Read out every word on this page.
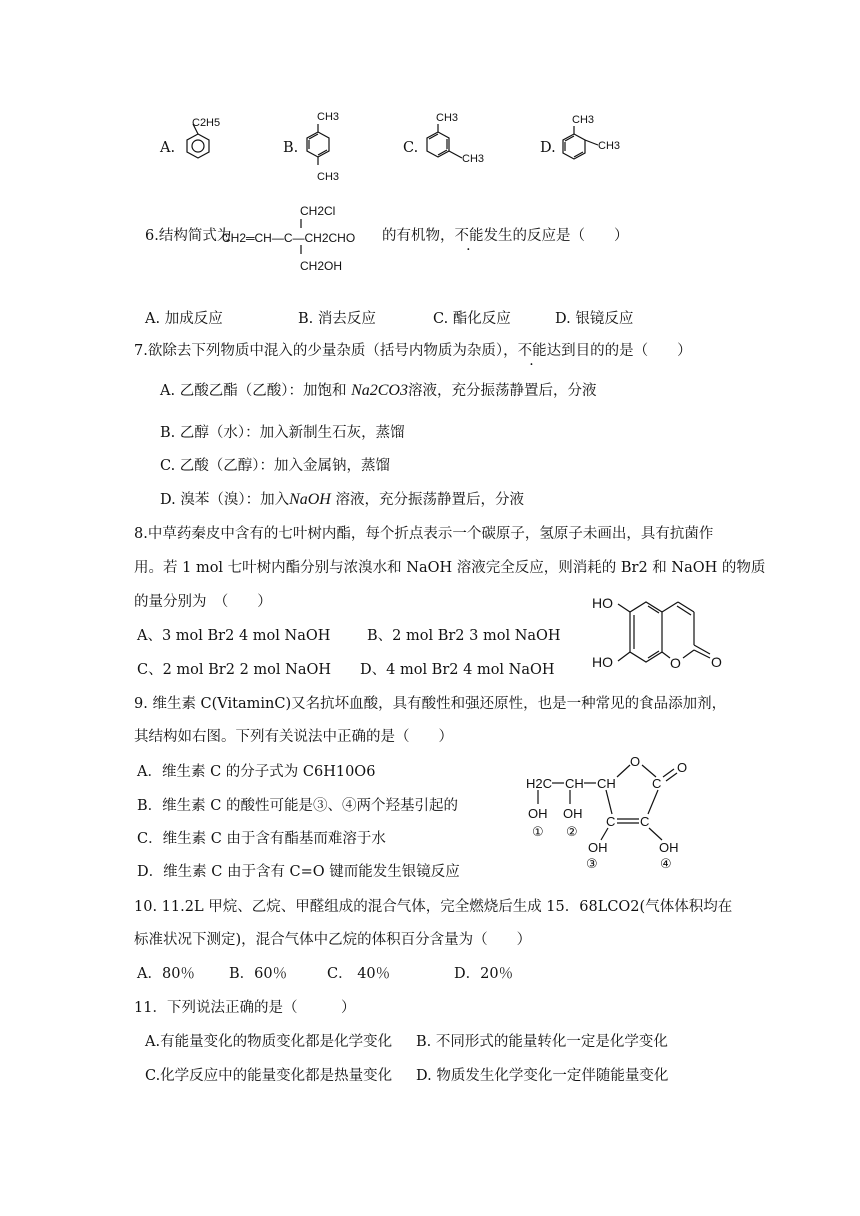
A.
C2H5
B.
CH3
CH3
C.
CH3
CH3
D.
CH3
CH3
6.结构简式为
CH2Cl
CH2═CH—C—CH2CHO
CH2OH
的有机物，不能发生的反应是（　　）
A. 加成反应	B. 消去反应	C. 酯化反应	D. 银镜反应
7.欲除去下列物质中混入的少量杂质（括号内物质为杂质），不能达到目的的是（　　）
A. 乙酸乙酯（乙酸）：加饱和 Na2CO3溶液，充分振荡静置后，分液
B. 乙醇（水）：加入新制生石灰，蒸馏
C. 乙酸（乙醇）：加入金属钠，蒸馏
D. 溴苯（溴）：加入NaOH 溶液，充分振荡静置后，分液
8.中草药秦皮中含有的七叶树内酯，每个折点表示一个碳原子，氢原子未画出，具有抗菌作
用。若 1 mol 七叶树内酯分别与浓溴水和 NaOH 溶液完全反应，则消耗的 Br2 和 NaOH 的物质
的量分别为　（　　）
A、3 mol Br2 4 mol NaOH	B、2 mol Br2 3 mol NaOH
C、2 mol Br2 2 mol NaOH D、4 mol Br2 4 mol NaOH
HO
HO	O O
9. 维生素 C(VitaminC)又名抗坏血酸，具有酸性和强还原性，也是一种常见的食品添加剂，
其结构如右图。下列有关说法中正确的是（　　）
A．维生素 C 的分子式为 C6H10O6
B．维生素 C 的酸性可能是③、④两个羟基引起的
C．维生素 C 由于含有酯基而难溶于水
D．维生素 C 由于含有 C=O 键而能发生银镜反应
H2C CH CH
OH OH
① ②
O
C
O
C C
OH	OH
③	④
10. 11.2L 甲烷、乙烷、甲醛组成的混合气体，完全燃烧后生成 15．68LCO2(气体体积均在
标准状况下测定)，混合气体中乙烷的体积百分含量为（　　）
A．80％ B．60％	C． 40％	D．20％
11．下列说法正确的是（　　　）
A.有能量变化的物质变化都是化学变化 B. 不同形式的能量转化一定是化学变化
C.化学反应中的能量变化都是热量变化 D. 物质发生化学变化一定伴随能量变化
